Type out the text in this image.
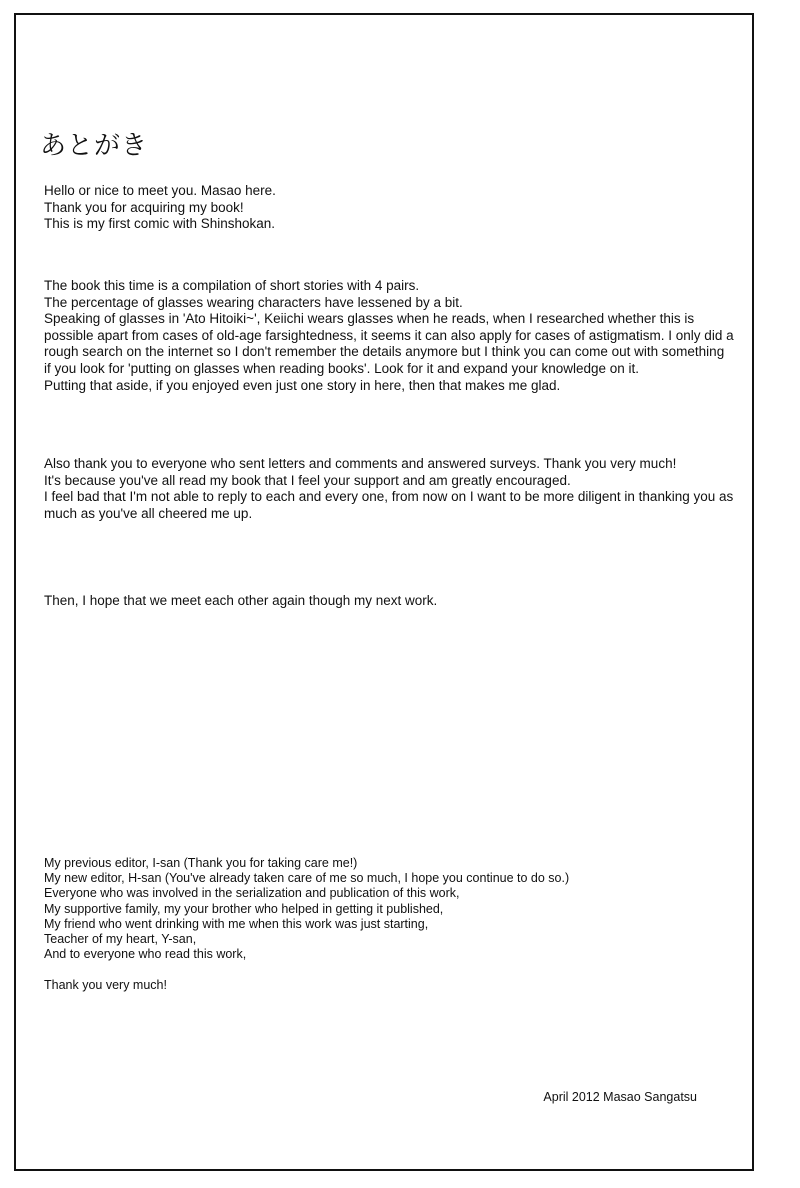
あとがき
Hello or nice to meet you. Masao here.
Thank you for acquiring my book!
This is my first comic with Shinshokan.
The book this time is a compilation of short stories with 4 pairs.
The percentage of glasses wearing characters have lessened by a bit.
Speaking of glasses in 'Ato Hitoiki~', Keiichi wears glasses when he reads, when I researched whether this is possible apart from cases of old-age farsightedness, it seems it can also apply for cases of astigmatism. I only did a rough search on the internet so I don't remember the details anymore but I think you can come out with something if you look for 'putting on glasses when reading books'. Look for it and expand your knowledge on it.
Putting that aside, if you enjoyed even just one story in here, then that makes me glad.
Also thank you to everyone who sent letters and comments and answered surveys. Thank you very much!
It's because you've all read my book that I feel your support and am greatly encouraged.
I feel bad that I'm not able to reply to each and every one, from now on I want to be more diligent in thanking you as much as you've all cheered me up.
Then, I hope that we meet each other again though my next work.
My previous editor, I-san (Thank you for taking care me!)
My new editor, H-san (You've already taken care of me so much, I hope you continue to do so.)
Everyone who was involved in the serialization and publication of this work,
My supportive family, my your brother who helped in getting it published,
My friend who went drinking with me when this work was just starting,
Teacher of my heart, Y-san,
And to everyone who read this work,
Thank you very much!

April 2012 Masao Sangatsu
